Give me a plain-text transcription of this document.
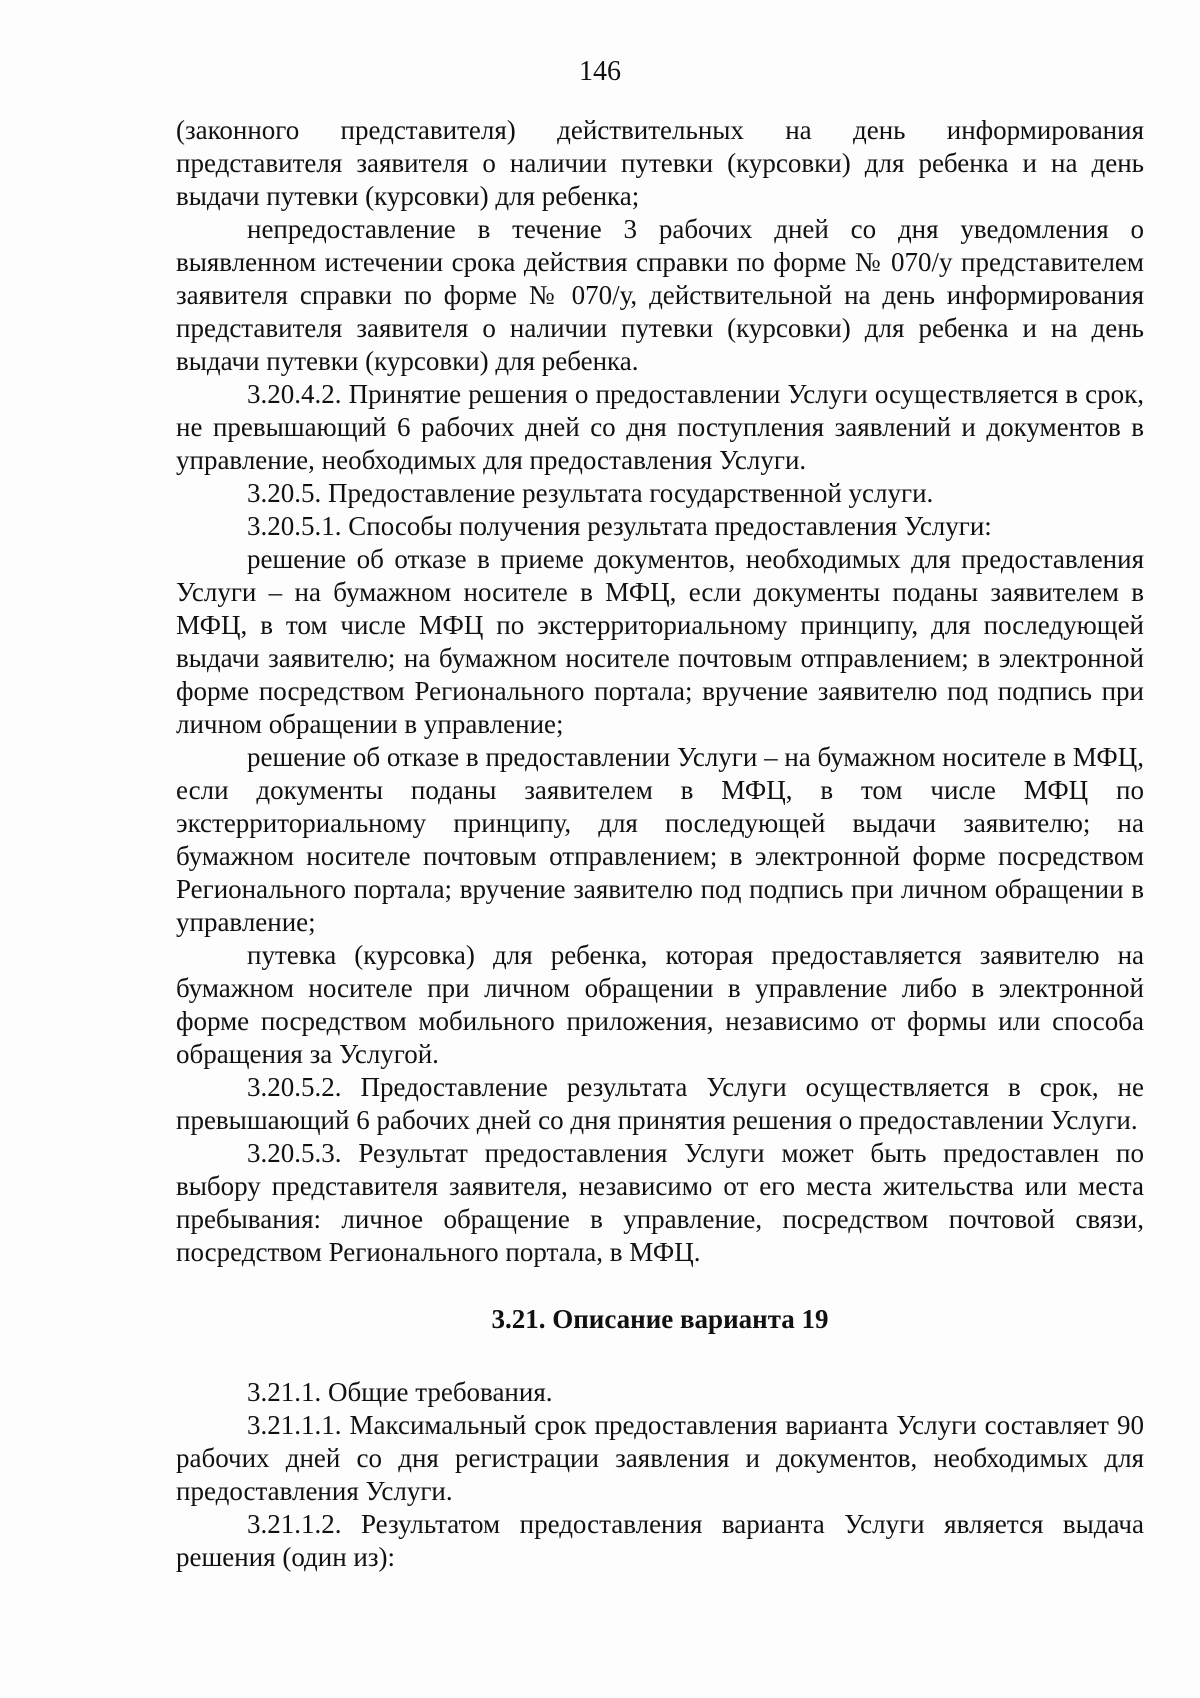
146

(законного представителя) действительных на день информирования представителя заявителя о наличии путевки (курсовки) для ребенка и на день выдачи путевки (курсовки) для ребенка;

непредоставление в течение 3 рабочих дней со дня уведомления о выявленном истечении срока действия справки по форме № 070/у представителем заявителя справки по форме № 070/у, действительной на день информирования представителя заявителя о наличии путевки (курсовки) для ребенка и на день выдачи путевки (курсовки) для ребенка.

3.20.4.2. Принятие решения о предоставлении Услуги осуществляется в срок, не превышающий 6 рабочих дней со дня поступления заявлений и документов в управление, необходимых для предоставления Услуги.

3.20.5. Предоставление результата государственной услуги.

3.20.5.1. Способы получения результата предоставления Услуги:

решение об отказе в приеме документов, необходимых для предоставления Услуги – на бумажном носителе в МФЦ, если документы поданы заявителем в МФЦ, в том числе МФЦ по экстерриториальному принципу, для последующей выдачи заявителю; на бумажном носителе почтовым отправлением; в электронной форме посредством Регионального портала; вручение заявителю под подпись при личном обращении в управление;

решение об отказе в предоставлении Услуги – на бумажном носителе в МФЦ, если документы поданы заявителем в МФЦ, в том числе МФЦ по экстерриториальному принципу, для последующей выдачи заявителю; на бумажном носителе почтовым отправлением; в электронной форме посредством Регионального портала; вручение заявителю под подпись при личном обращении в управление;

путевка (курсовка) для ребенка, которая предоставляется заявителю на бумажном носителе при личном обращении в управление либо в электронной форме посредством мобильного приложения, независимо от формы или способа обращения за Услугой.

3.20.5.2. Предоставление результата Услуги осуществляется в срок, не превышающий 6 рабочих дней со дня принятия решения о предоставлении Услуги.

3.20.5.3. Результат предоставления Услуги может быть предоставлен по выбору представителя заявителя, независимо от его места жительства или места пребывания: личное обращение в управление, посредством почтовой связи, посредством Регионального портала, в МФЦ.

3.21. Описание варианта 19

3.21.1. Общие требования.

3.21.1.1. Максимальный срок предоставления варианта Услуги составляет 90 рабочих дней со дня регистрации заявления и документов, необходимых для предоставления Услуги.

3.21.1.2. Результатом предоставления варианта Услуги является выдача решения (один из):
